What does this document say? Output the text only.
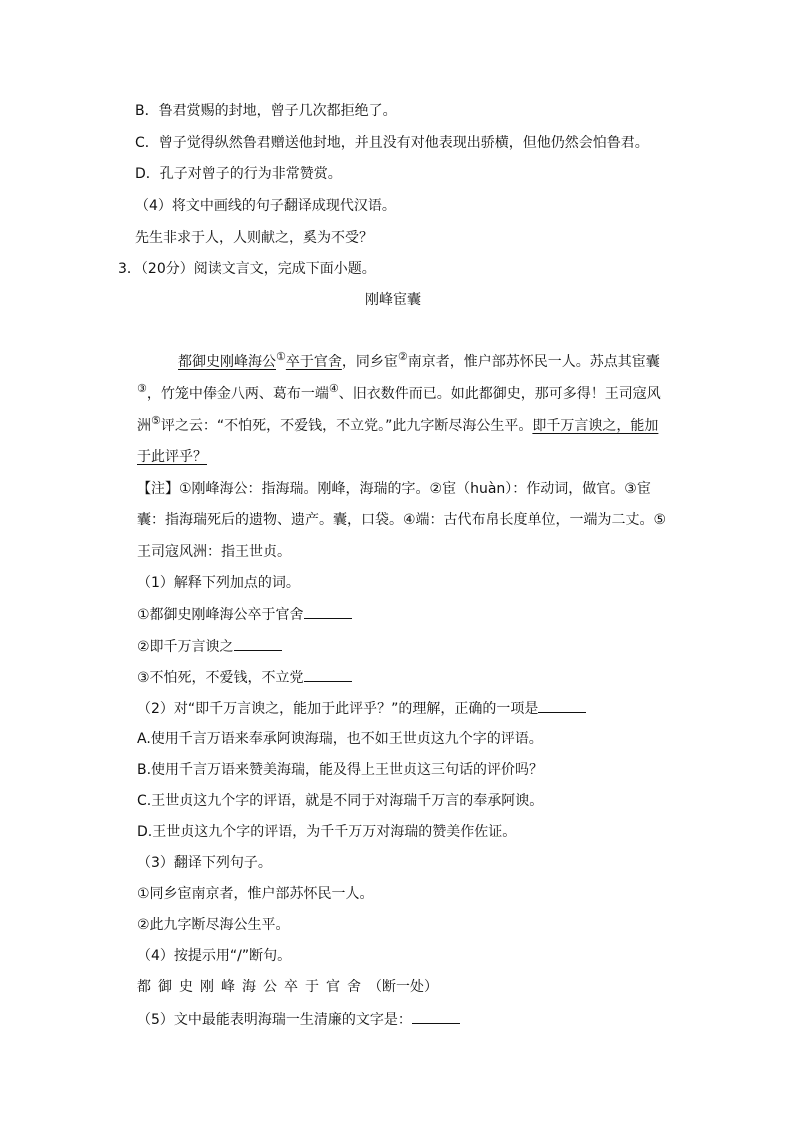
B．鲁君赏赐的封地，曾子几次都拒绝了。
C．曾子觉得纵然鲁君赠送他封地，并且没有对他表现出骄横，但他仍然会怕鲁君。
D．孔子对曾子的行为非常赞赏。
（4）将文中画线的句子翻译成现代汉语。
先生非求于人，人则献之，奚为不受？
3．（20分）阅读文言文，完成下面小题。
刚峰宦囊
都御史刚峰海公①卒于官舍，同乡宦②南京者，惟户部苏怀民一人。苏点其宦囊
③，竹笼中俸金八两、葛布一端④、旧衣数件而已。如此都御史，那可多得！王司寇风
洲⑤评之云：“不怕死，不爱钱，不立党。”此九字断尽海公生平。即千万言谀之，能加
于此评乎？
【注】①刚峰海公：指海瑞。刚峰，海瑞的字。②宦（huàn）：作动词，做官。③宦
囊：指海瑞死后的遗物、遗产。囊，口袋。④端：古代布帛长度单位，一端为二丈。⑤
王司寇风洲：指王世贞。
（1）解释下列加点的词。
①都御史刚峰海公卒于官舍
②即千万言谀之
③不怕死，不爱钱，不立党
（2）对“即千万言谀之，能加于此评乎？”的理解，正确的一项是
A.使用千言万语来奉承阿谀海瑞，也不如王世贞这九个字的评语。
B.使用千言万语来赞美海瑞，能及得上王世贞这三句话的评价吗？
C.王世贞这九个字的评语，就是不同于对海瑞千万言的奉承阿谀。
D.王世贞这九个字的评语，为千千万万对海瑞的赞美作佐证。
（3）翻译下列句子。
①同乡宦南京者，惟户部苏怀民一人。
②此九字断尽海公生平。
（4）按提示用“/”断句。
都御史刚峰海公卒于官舍（断一处）
（5）文中最能表明海瑞一生清廉的文字是：
